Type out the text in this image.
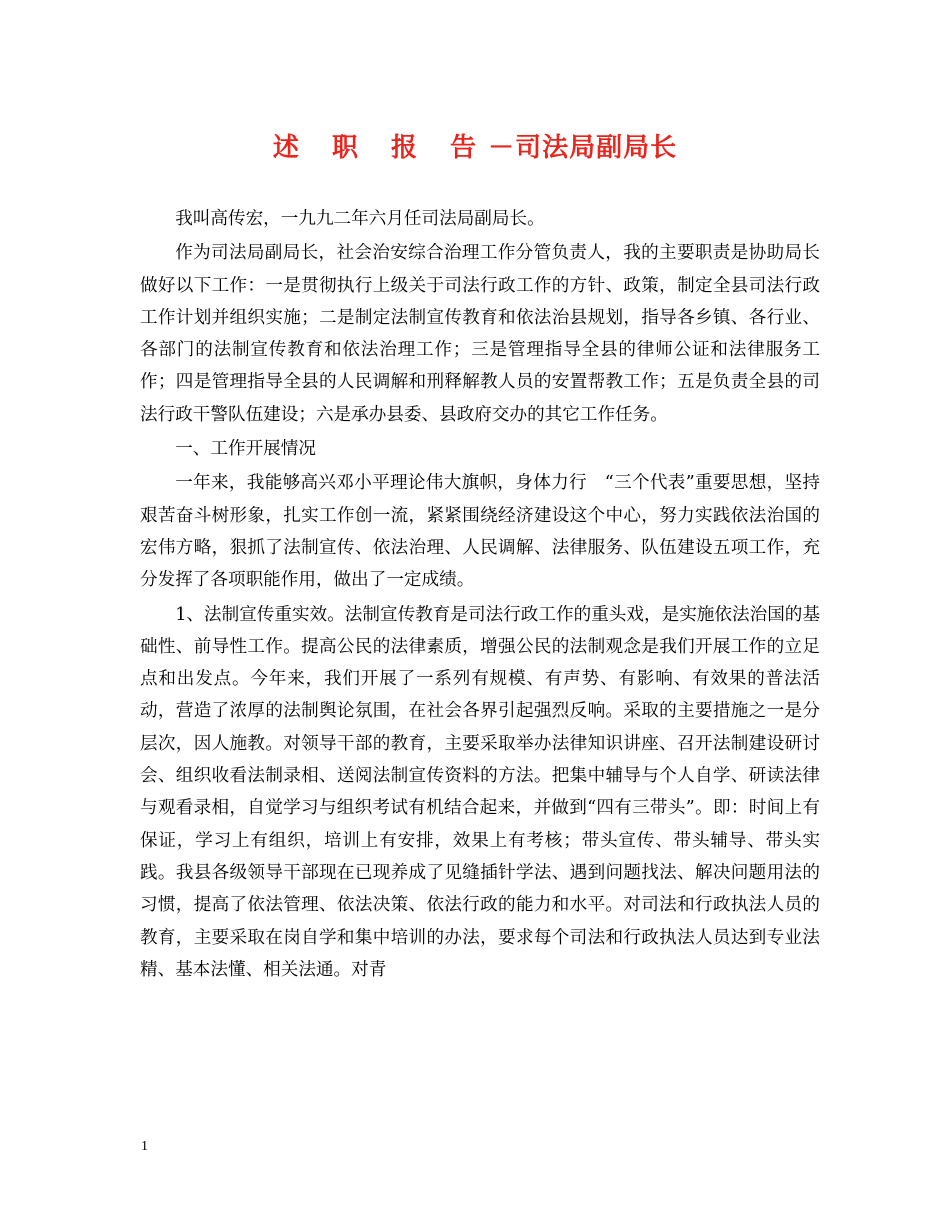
述 职 报 告－司法局副局长

我叫高传宏，一九九二年六月任司法局副局长。

作为司法局副局长，社会治安综合治理工作分管负责人，我的主要职责是协助局长做好以下工作：一是贯彻执行上级关于司法行政工作的方针、政策，制定全县司法行政工作计划并组织实施；二是制定法制宣传教育和依法治县规划，指导各乡镇、各行业、各部门的法制宣传教育和依法治理工作；三是管理指导全县的律师公证和法律服务工作；四是管理指导全县的人民调解和刑释解教人员的安置帮教工作；五是负责全县的司法行政干警队伍建设；六是承办县委、县政府交办的其它工作任务。

一、工作开展情况

一年来，我能够高兴邓小平理论伟大旗帜，身体力行　“三个代表”重要思想，坚持艰苦奋斗树形象，扎实工作创一流，紧紧围绕经济建设这个中心，努力实践依法治国的宏伟方略，狠抓了法制宣传、依法治理、人民调解、法律服务、队伍建设五项工作，充分发挥了各项职能作用，做出了一定成绩。

1、法制宣传重实效。法制宣传教育是司法行政工作的重头戏，是实施依法治国的基础性、前导性工作。提高公民的法律素质，增强公民的法制观念是我们开展工作的立足点和出发点。今年来，我们开展了一系列有规模、有声势、有影响、有效果的普法活动，营造了浓厚的法制舆论氛围，在社会各界引起强烈反响。采取的主要措施之一是分层次，因人施教。对领导干部的教育，主要采取举办法律知识讲座、召开法制建设研讨会、组织收看法制录相、送阅法制宣传资料的方法。把集中辅导与个人自学、研读法律与观看录相，自觉学习与组织考试有机结合起来，并做到“四有三带头”。即：时间上有保证，学习上有组织，培训上有安排，效果上有考核；带头宣传、带头辅导、带头实践。我县各级领导干部现在已现养成了见缝插针学法、遇到问题找法、解决问题用法的习惯，提高了依法管理、依法决策、依法行政的能力和水平。对司法和行政执法人员的教育，主要采取在岗自学和集中培训的办法，要求每个司法和行政执法人员达到专业法精、基本法懂、相关法通。对青

1
